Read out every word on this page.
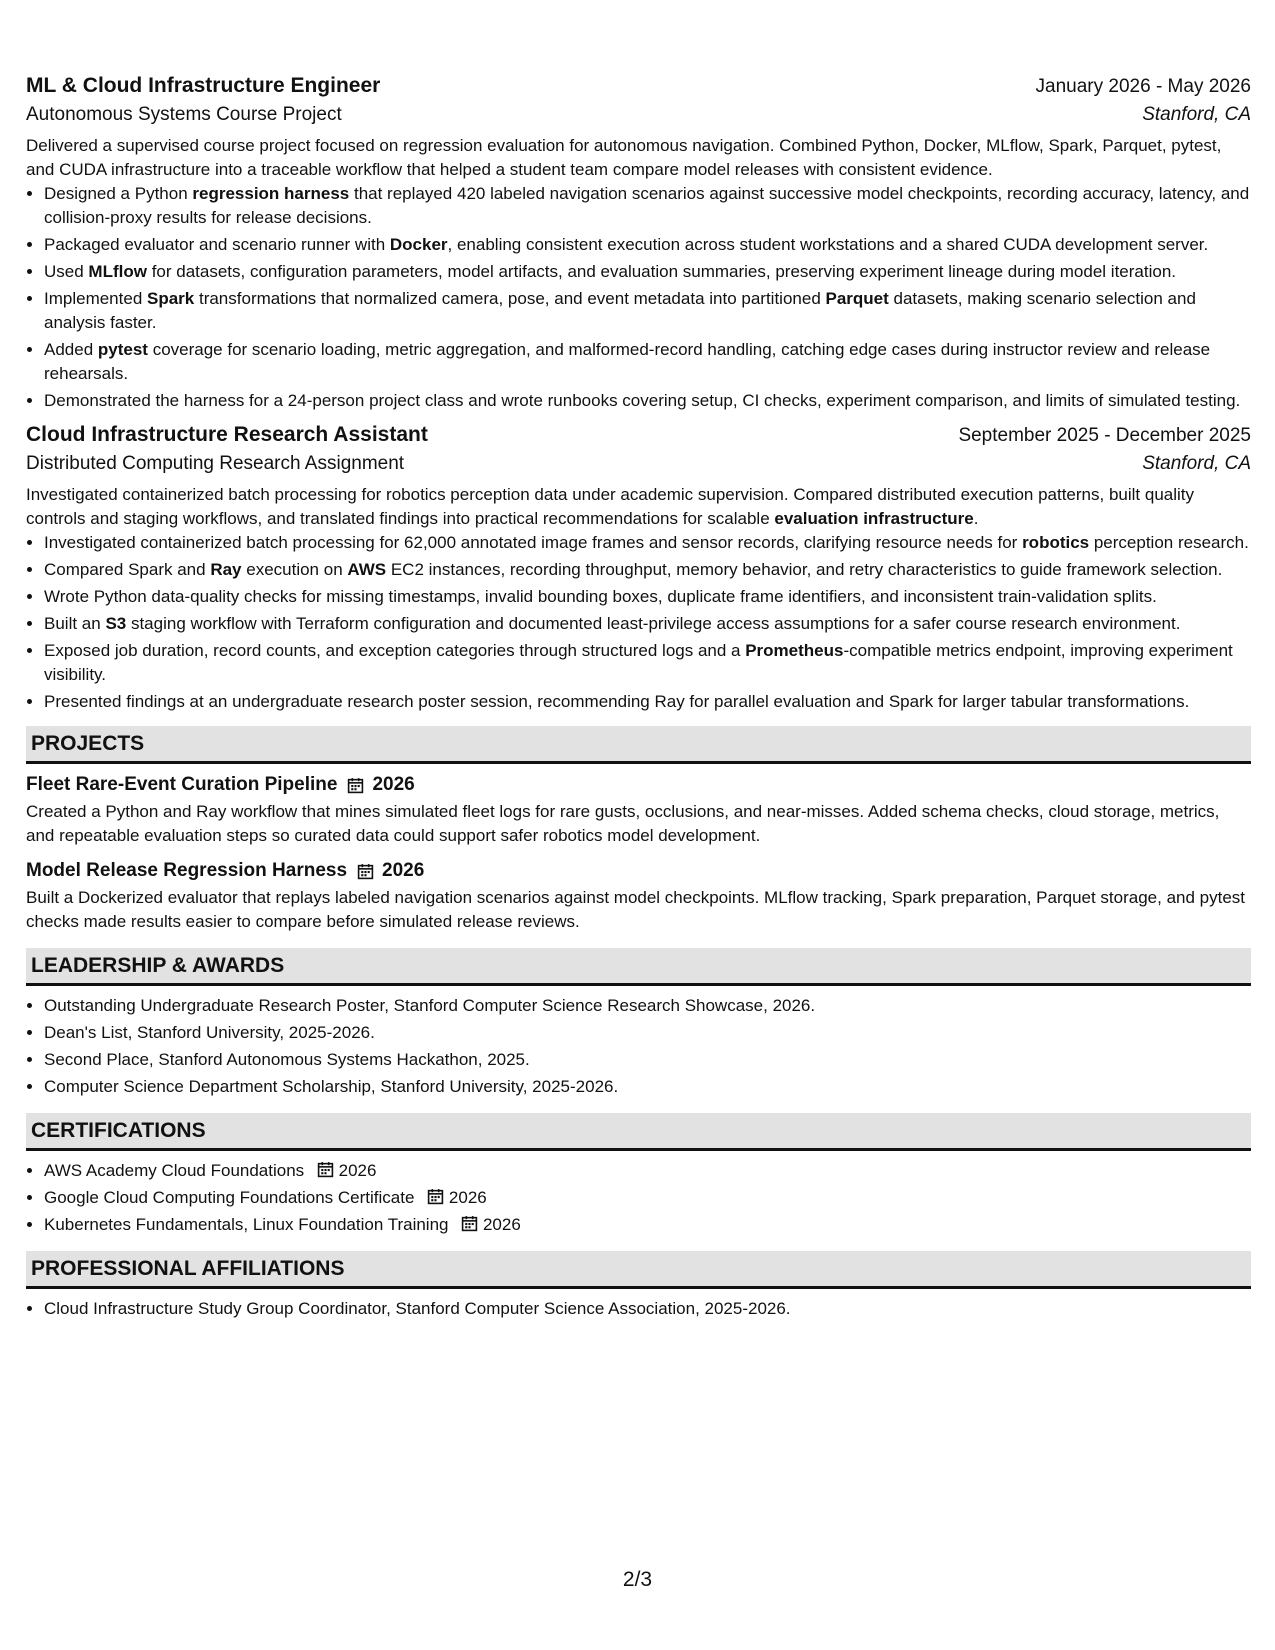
ML & Cloud Infrastructure Engineer	January 2026 - May 2026
Autonomous Systems Course Project	Stanford, CA
Delivered a supervised course project focused on regression evaluation for autonomous navigation. Combined Python, Docker, MLflow, Spark, Parquet, pytest, and CUDA infrastructure into a traceable workflow that helped a student team compare model releases with consistent evidence.
• Designed a Python regression harness that replayed 420 labeled navigation scenarios against successive model checkpoints, recording accuracy, latency, and collision-proxy results for release decisions.
• Packaged evaluator and scenario runner with Docker, enabling consistent execution across student workstations and a shared CUDA development server.
• Used MLflow for datasets, configuration parameters, model artifacts, and evaluation summaries, preserving experiment lineage during model iteration.
• Implemented Spark transformations that normalized camera, pose, and event metadata into partitioned Parquet datasets, making scenario selection and analysis faster.
• Added pytest coverage for scenario loading, metric aggregation, and malformed-record handling, catching edge cases during instructor review and release rehearsals.
• Demonstrated the harness for a 24-person project class and wrote runbooks covering setup, CI checks, experiment comparison, and limits of simulated testing.
Cloud Infrastructure Research Assistant	September 2025 - December 2025
Distributed Computing Research Assignment	Stanford, CA
Investigated containerized batch processing for robotics perception data under academic supervision. Compared distributed execution patterns, built quality controls and staging workflows, and translated findings into practical recommendations for scalable evaluation infrastructure.
• Investigated containerized batch processing for 62,000 annotated image frames and sensor records, clarifying resource needs for robotics perception research.
• Compared Spark and Ray execution on AWS EC2 instances, recording throughput, memory behavior, and retry characteristics to guide framework selection.
• Wrote Python data-quality checks for missing timestamps, invalid bounding boxes, duplicate frame identifiers, and inconsistent train-validation splits.
• Built an S3 staging workflow with Terraform configuration and documented least-privilege access assumptions for a safer course research environment.
• Exposed job duration, record counts, and exception categories through structured logs and a Prometheus-compatible metrics endpoint, improving experiment visibility.
• Presented findings at an undergraduate research poster session, recommending Ray for parallel evaluation and Spark for larger tabular transformations.
PROJECTS
Fleet Rare-Event Curation Pipeline 2026
Created a Python and Ray workflow that mines simulated fleet logs for rare gusts, occlusions, and near-misses. Added schema checks, cloud storage, metrics, and repeatable evaluation steps so curated data could support safer robotics model development.
Model Release Regression Harness 2026
Built a Dockerized evaluator that replays labeled navigation scenarios against model checkpoints. MLflow tracking, Spark preparation, Parquet storage, and pytest checks made results easier to compare before simulated release reviews.
LEADERSHIP & AWARDS
• Outstanding Undergraduate Research Poster, Stanford Computer Science Research Showcase, 2026.
• Dean's List, Stanford University, 2025-2026.
• Second Place, Stanford Autonomous Systems Hackathon, 2025.
• Computer Science Department Scholarship, Stanford University, 2025-2026.
CERTIFICATIONS
• AWS Academy Cloud Foundations 2026
• Google Cloud Computing Foundations Certificate 2026
• Kubernetes Fundamentals, Linux Foundation Training 2026
PROFESSIONAL AFFILIATIONS
• Cloud Infrastructure Study Group Coordinator, Stanford Computer Science Association, 2025-2026.
2/3
